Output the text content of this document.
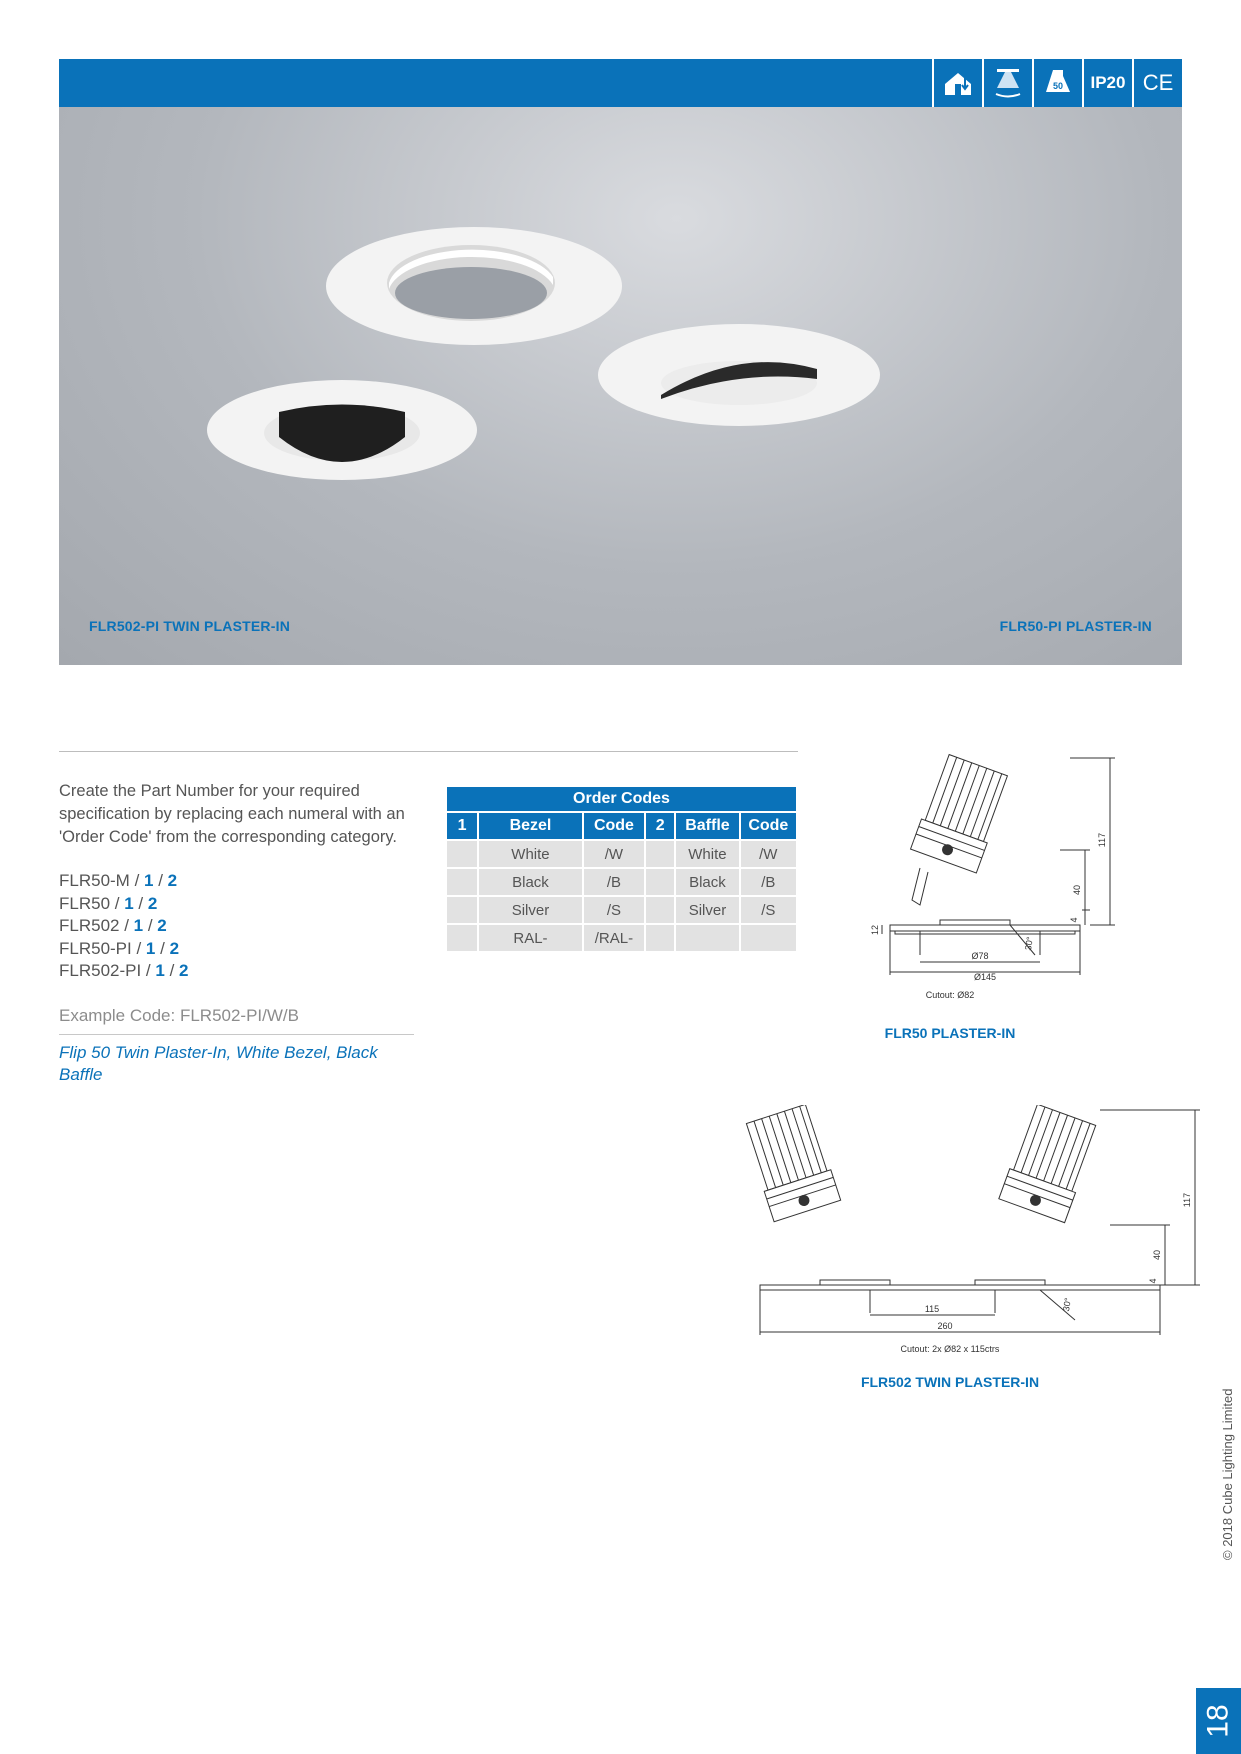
50 IP20 CE
FLR502-PI TWIN PLASTER-IN	FLR50-PI PLASTER-IN
Create the Part Number for your required specification by replacing each numeral with an 'Order Code' from the corresponding category.
FLR50-M / 1 / 2
FLR50 / 1 / 2
FLR502 / 1 / 2
FLR50-PI / 1 / 2
FLR502-PI / 1 / 2
Example Code: FLR502-PI/W/B
Flip 50 Twin Plaster-In, White Bezel, Black Baffle
Order Codes					
1	Bezel	Code	2	Baffle	Code
	White	/W		White	/W
	Black	/B		Black	/B
	Silver	/S		Silver	/S
	RAL-	/RAL-			
117
40
4
12
Ø78
Ø145
30°
Cutout: Ø82
FLR50 PLASTER-IN
117
40
4
115
260
30°
Cutout: 2x Ø82 x 115ctrs
FLR502 TWIN PLASTER-IN
© 2018 Cube Lighting Limited
18
